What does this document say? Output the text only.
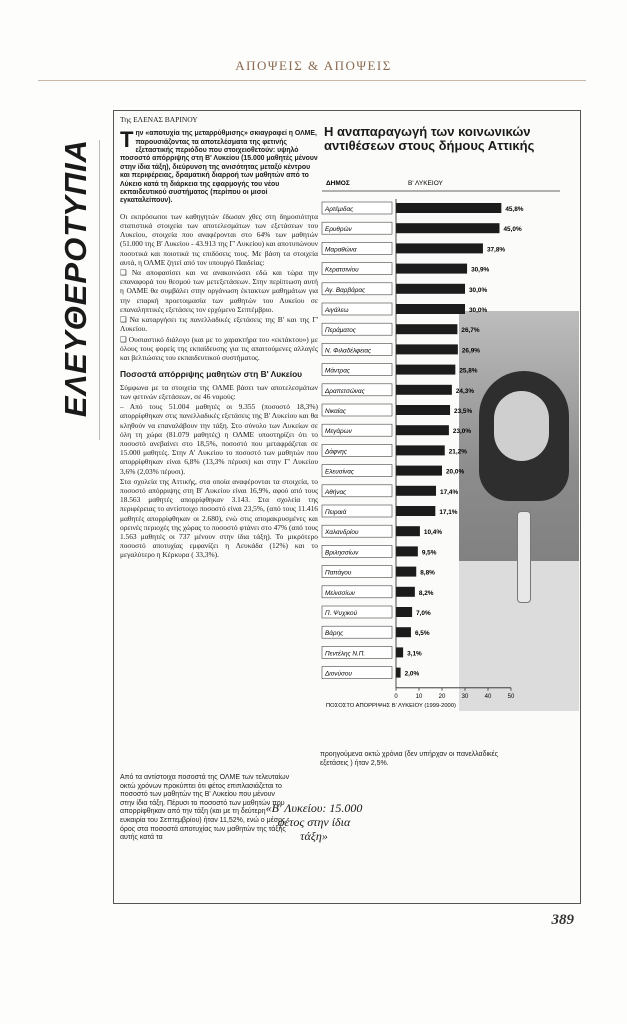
ΑΠΟΨΕΙΣ & ΑΠΟΨΕΙΣ
ΕΛΕΥΘΕΡΟΤΥΠΙΑ
Της ΕΛΕΝΑΣ ΒΑΡΙΝΟΥ
Τ ην «αποτυχία της μεταρρύθμισης» σκιαγραφεί η ΟΛΜΕ, παρουσιάζοντας τα αποτελέσματα της φετινής εξεταστικής περιόδου που στοιχειοθετούν: υψηλό ποσοστό απόρριψης στη Β' Λυκείου (15.000 μαθητές μένουν στην ίδια τάξη), διεύρυνση της ανισότητας μεταξύ κέντρου και περιφέρειας, δραματική διαρροή των μαθητών από το Λύκειο κατά τη διάρκεια της εφαρμογής του νέου εκπαιδευτικού συστήματος (περίπου οι μισοί εγκαταλείπουν).

Οι εκπρόσωποι των καθηγητών έδωσαν χθες στη δημοσιότητα στατιστικά στοιχεία των αποτελεσμάτων των εξετάσεων του Λυκείου, στοιχεία που αναφέρονται στο 64% των μαθητών (51.000 της Β' Λυκείου - 43.913 της Γ' Λυκείου) και αποτυπώνουν ποσοτικά και ποιοτικά τις επιδόσεις τους. Με βάση τα στοιχεία αυτά, η ΟΛΜΕ ζητεί από τον υπουργό Παιδείας:

❑ Να αποφασίσει και να ανακοινώσει εδώ και τώρα την επαναφορά του θεσμού των μετεξετάσεων. Στην περίπτωση αυτή η ΟΛΜΕ θα συμβάλει στην οργάνωση έκτακτων μαθημάτων για την επαρκή προετοιμασία των μαθητών του Λυκείου σε επαναληπτικές εξετάσεις τον ερχόμενο Σεπτέμβριο.

❑ Να καταργήσει τις πανελλαδικές εξετάσεις της Β' και της Γ' Λυκείου.

❑ Ουσιαστικό διάλογο (και με το χαρακτήρα του «εκτάκτου») με όλους τους φορείς της εκπαίδευσης για τις απαιτούμενες αλλαγές και βελτιώσεις του εκπαιδευτικού συστήματος.

Ποσοστά απόρριψης μαθητών στη Β' Λυκείου

Σύμφωνα με τα στοιχεία της ΟΛΜΕ βάσει των αποτελεσμάτων των φετινών εξετάσεων, σε 46 νομούς:

– Από τους 51.004 μαθητές οι 9.355 (ποσοστό 18,3%) απορρίφθηκαν στις πανελλαδικές εξετάσεις της Β' Λυκείου και θα κληθούν να επαναλάβουν την τάξη. Στο σύνολο των Λυκείων σε όλη τη χώρα (81.079 μαθητές) η ΟΛΜΕ υποστηρίζει ότι το ποσοστό ανεβαίνει στο 18,5%, ποσοστό που μεταφράζεται σε 15.000 μαθητές. Στην Α' Λυκείου το ποσοστό των μαθητών που απορρίφθηκαν είναι 6,8% (13,3% πέρυσι) και στην Γ' Λυκείου 3,6% (2,03% πέρυσι).

Στα σχολεία της Αττικής, στα οποία αναφέρονται τα στοιχεία, το ποσοστό απόρριψης στη Β' Λυκείου είναι 16,9%, αφού από τους 18.563 μαθητές απορρίφθηκαν 3.143. Στα σχολεία της περιφέρειας το αντίστοιχο ποσοστό είναι 23,5%, (από τους 11.416 μαθητές απορρίφθηκαν οι 2.680), ενώ στις απομακρυσμένες και ορεινές περιοχές της χώρας το ποσοστό φτάνει στο 47% (από τους 1.563 μαθητές οι 737 μένουν στην ίδια τάξη). Το μικρότερο ποσοστό αποτυχίας εμφανίζει η Λευκάδα (12%) και το μεγαλύτερο η Κέρκυρα ( 33,3%).

Από τα αντίστοιχα ποσοστά της ΟΛΜΕ των τελευταίων οκτώ χρόνων προκύπτει ότι φέτος επιπλασιάζεται το ποσοστό των μαθητών της Β' Λυκείου που μένουν στην ίδια τάξη. Πέρυσι το ποσοστό των μαθητών που απορρίφθηκαν από την τάξη (και με τη δεύτερη ευκαιρία του Σεπτεμβρίου) ήταν 11,52%, ενώ ο μέσος όρος στα ποσοστά αποτυχίας των μαθητών της τάξης αυτής κατά τα
«Β' Λυκείου: 15.000 φέτος στην ίδια τάξη»
προηγούμενα οκτώ χρόνια (δεν υπήρχαν οι πανελλαδικές εξετάσεις ) ήταν 2,5%.
Η αναπαραγωγή των κοινωνικών αντιθέσεων στους δήμους Αττικής
ΔΗΜΟΣ	Β' ΛΥΚΕΙΟΥ
Αρτέμιδας	45,8%
Ερυθρών	45,0%
Μαραθώνα	37,8%
Κερατσινίου	30,9%
Αγ. Βαρβάρας	30,0%
Αιγάλεω	30,0%
Περάματος	26,7%
Ν. Φιλαδέλφειας	26,9%
Μάντρας	25,8%
Δραπετσώνας	24,3%
Νικαίας	23,5%
Μεγάρων	23,0%
Δάφνης	21,2%
Ελευσίνας	20,0%
Αθήνας	17,4%
Πειραιά	17,1%
Χαλανδρίου	10,4%
Βριλησσίων	9,5%
Παπάγου	8,8%
Μελισσίων	8,2%
Π. Ψυχικού	7,0%
Βάρης	6,5%
Πεντέλης Ν.Π.	3,1%
Διονύσου	2,0%
0	10	20	30	40	50
ΠΟΣΟΣΤΟ ΑΠΟΡΡΙΨΗΣ Β' ΛΥΚΕΙΟΥ (1999-2000)
389
